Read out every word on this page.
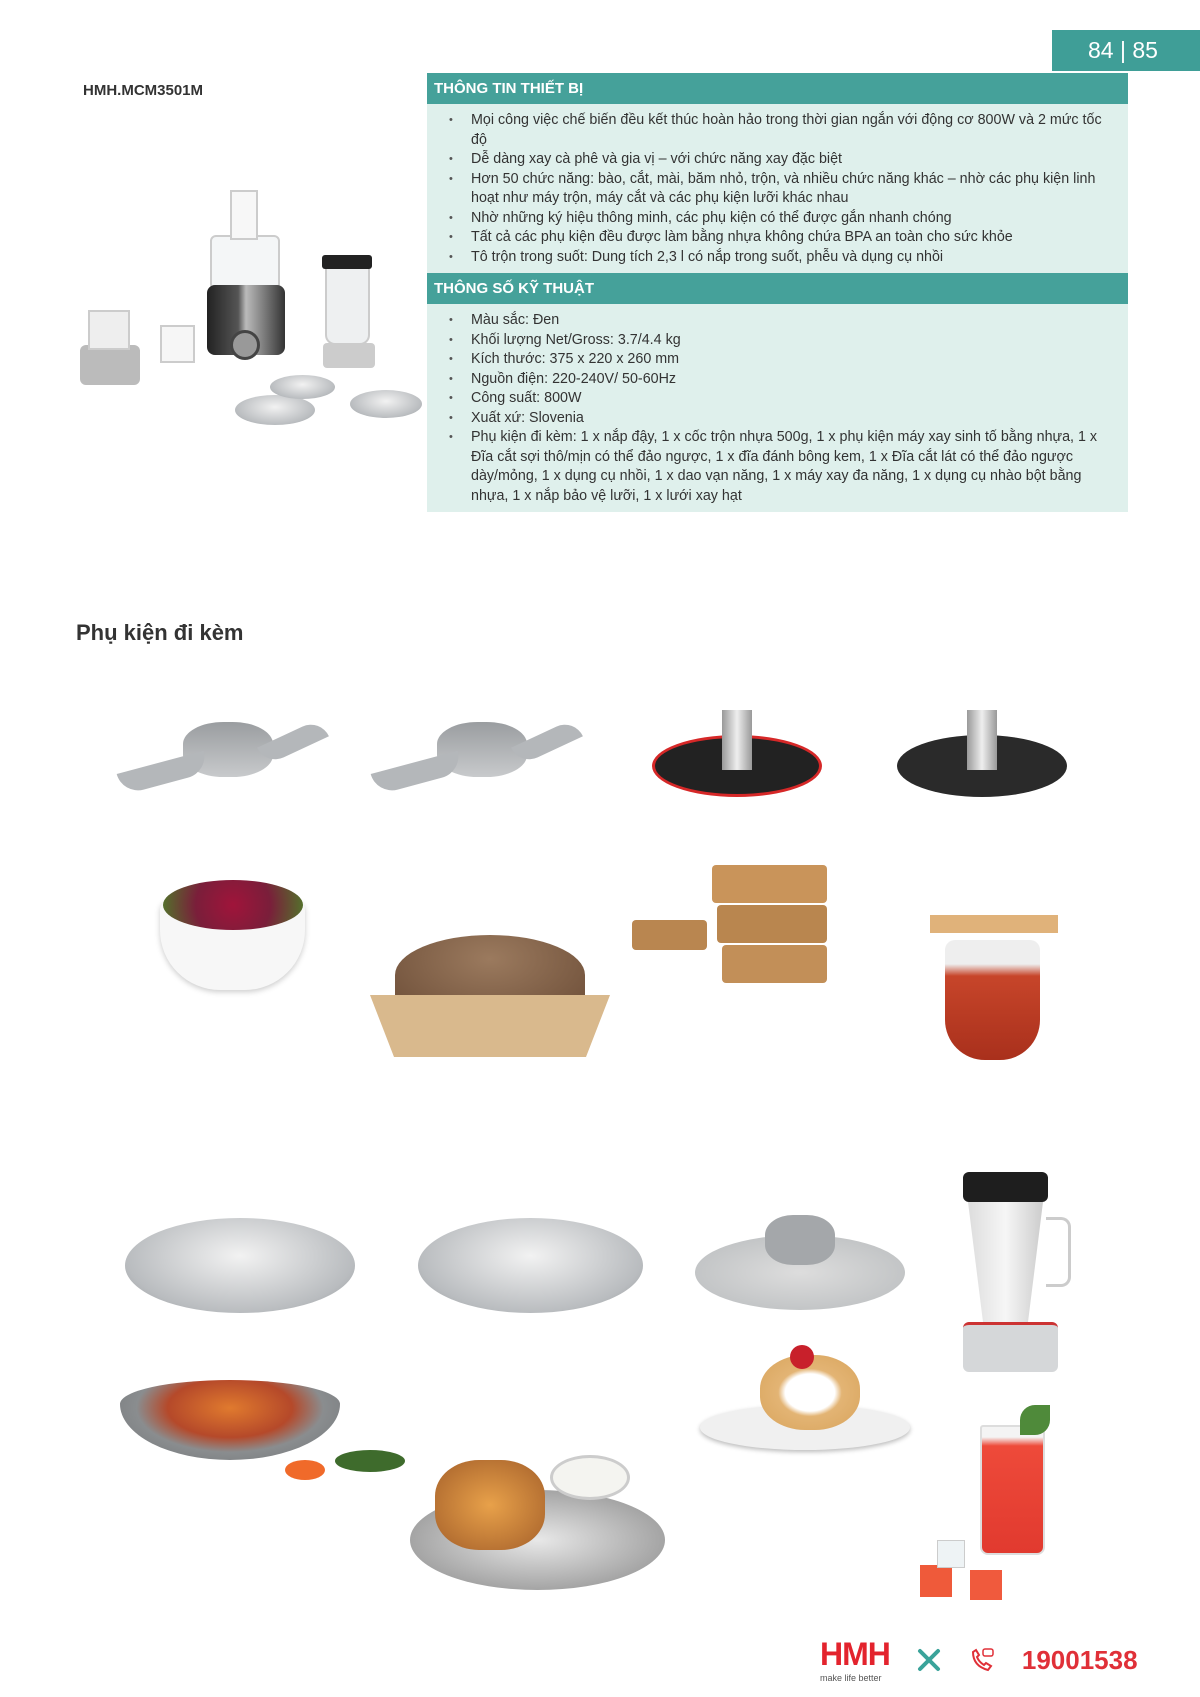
84 | 85
HMH.MCM3501M	THÔNG TIN THIẾT BỊ
• Mọi công việc chế biến đều kết thúc hoàn hảo trong thời gian ngắn với động cơ 800W và 2 mức tốc độ
• Dễ dàng xay cà phê và gia vị – với chức năng xay đặc biệt
• Hơn 50 chức năng: bào, cắt, mài, băm nhỏ, trộn, và nhiều chức năng khác – nhờ các phụ kiện linh hoạt như máy trộn, máy cắt và các phụ kiện lưỡi khác nhau
• Nhờ những ký hiệu thông minh, các phụ kiện có thể được gắn nhanh chóng
• Tất cả các phụ kiện đều được làm bằng nhựa không chứa BPA an toàn cho sức khỏe
• Tô trộn trong suốt: Dung tích 2,3 l có nắp trong suốt, phễu và dụng cụ nhồi
THÔNG SỐ KỸ THUẬT
• Màu sắc: Đen
• Khối lượng Net/Gross: 3.7/4.4 kg
• Kích thước: 375 x 220 x 260 mm
• Nguồn điện: 220-240V/ 50-60Hz
• Công suất: 800W
• Xuất xứ: Slovenia
• Phụ kiện đi kèm: 1 x nắp đậy, 1 x cốc trộn nhựa 500g, 1 x phụ kiện máy xay sinh tố bằng nhựa, 1 x Đĩa cắt sợi thô/mịn có thể đảo ngược, 1 x đĩa đánh bông kem, 1 x Đĩa cắt lát có thể đảo ngược dày/mỏng, 1 x dụng cụ nhồi, 1 x dao vạn năng, 1 x máy xay đa năng, 1 x dụng cụ nhào bột bằng nhựa, 1 x nắp bảo vệ lưỡi, 1 x lưới xay hạt
Phụ kiện đi kèm
HMH
make life better
19001538
